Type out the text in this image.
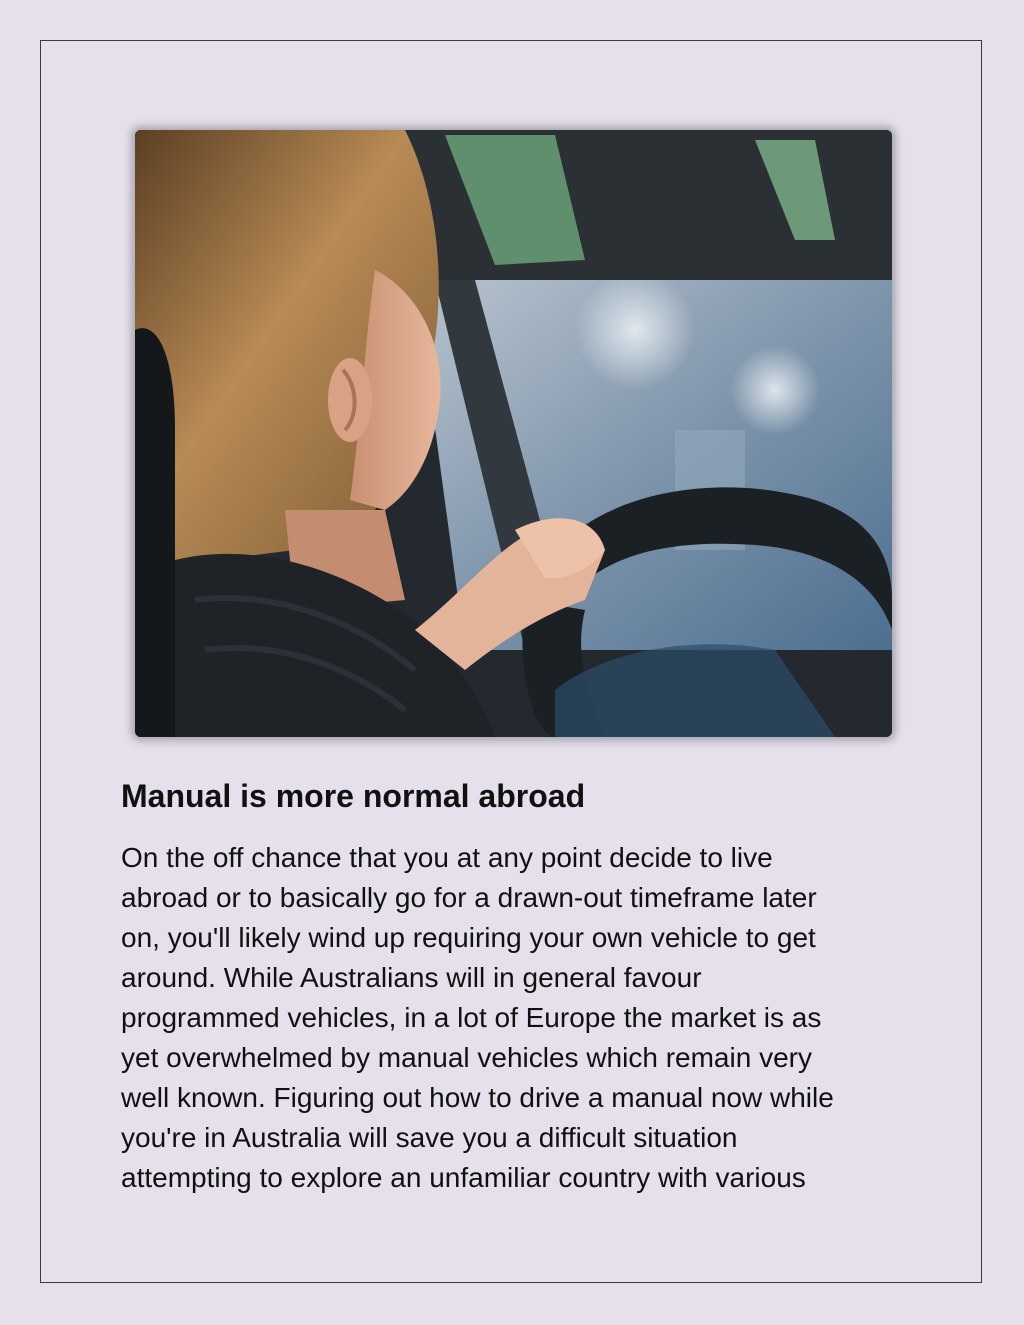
Manual is more normal abroad

On the off chance that you at any point decide to live
abroad or to basically go for a drawn-out timeframe later
on, you'll likely wind up requiring your own vehicle to get
around. While Australians will in general favour
programmed vehicles, in a lot of Europe the market is as
yet overwhelmed by manual vehicles which remain very
well known. Figuring out how to drive a manual now while
you're in Australia will save you a difficult situation
attempting to explore an unfamiliar country with various
